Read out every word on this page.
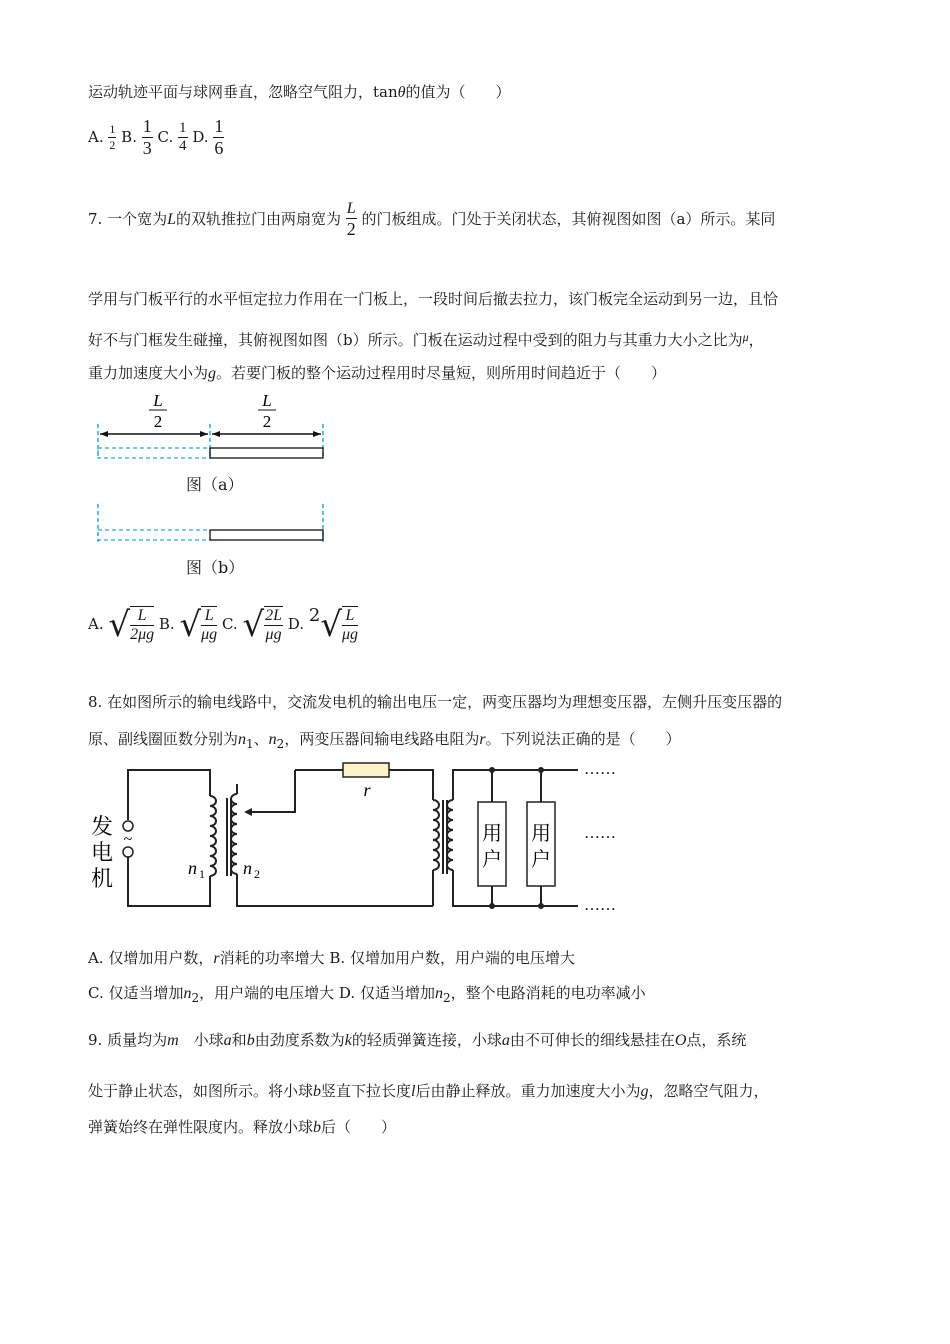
运动轨迹平面与球网垂直，忽略空气阻力，tanθ的值为（　　）
A. $\frac{1}{2} B$. $\frac{1}{3} C$. $\frac{1}{4} D$. $\frac{1}{6}$
7. 一个宽为L的双轨推拉门由两扇宽为 $\frac{L}{2}$ 的门板组成。门处于关闭状态，其俯视图如图（a）所示。某同
学用与门板平行的水平恒定拉力作用在一门板上，一段时间后撤去拉力，该门板完全运动到另一边，且恰
好不与门框发生碰撞，其俯视图如图（b）所示。门板在运动过程中受到的阻力与其重力大小之比为$^\mu$，
重力加速度大小为g。若要门板的整个运动过程用时尽量短，则所用时间趋近于（　　）
L
2
L
2
图（a）
图（b）
A. √ $\frac{L}{2\mu g} B$. √ $\frac{L}{\mu g} C$. √ $\frac{2L}{\mu g} D$. $2√ \frac{L}{\mu g}$
8. 在如图所示的输电线路中，交流发电机的输出电压一定，两变压器均为理想变压器，左侧升压变压器的
原、副线圈匝数分别为$n_1$、$n_2$，两变压器间输电线路电阻为r。下列说法正确的是（　　）
r
~
发
电
机	n 1 n 2
用
户
用
户
……
……
……
A. 仅增加用户数，r消耗的功率增大 B. 仅增加用户数，用户端的电压增大
C. 仅适当增加$n_2$，用户端的电压增大 D. 仅适当增加$n_2$，整个电路消耗的电功率减小
9. 质量均为m　小球a和b由劲度系数为k的轻质弹簧连接，小球a由不可伸长的细线悬挂在O点，系统
处于静止状态，如图所示。将小球b竖直下拉长度l后由静止释放。重力加速度大小为g，忽略空气阻力，
弹簧始终在弹性限度内。释放小球b后（　　）
